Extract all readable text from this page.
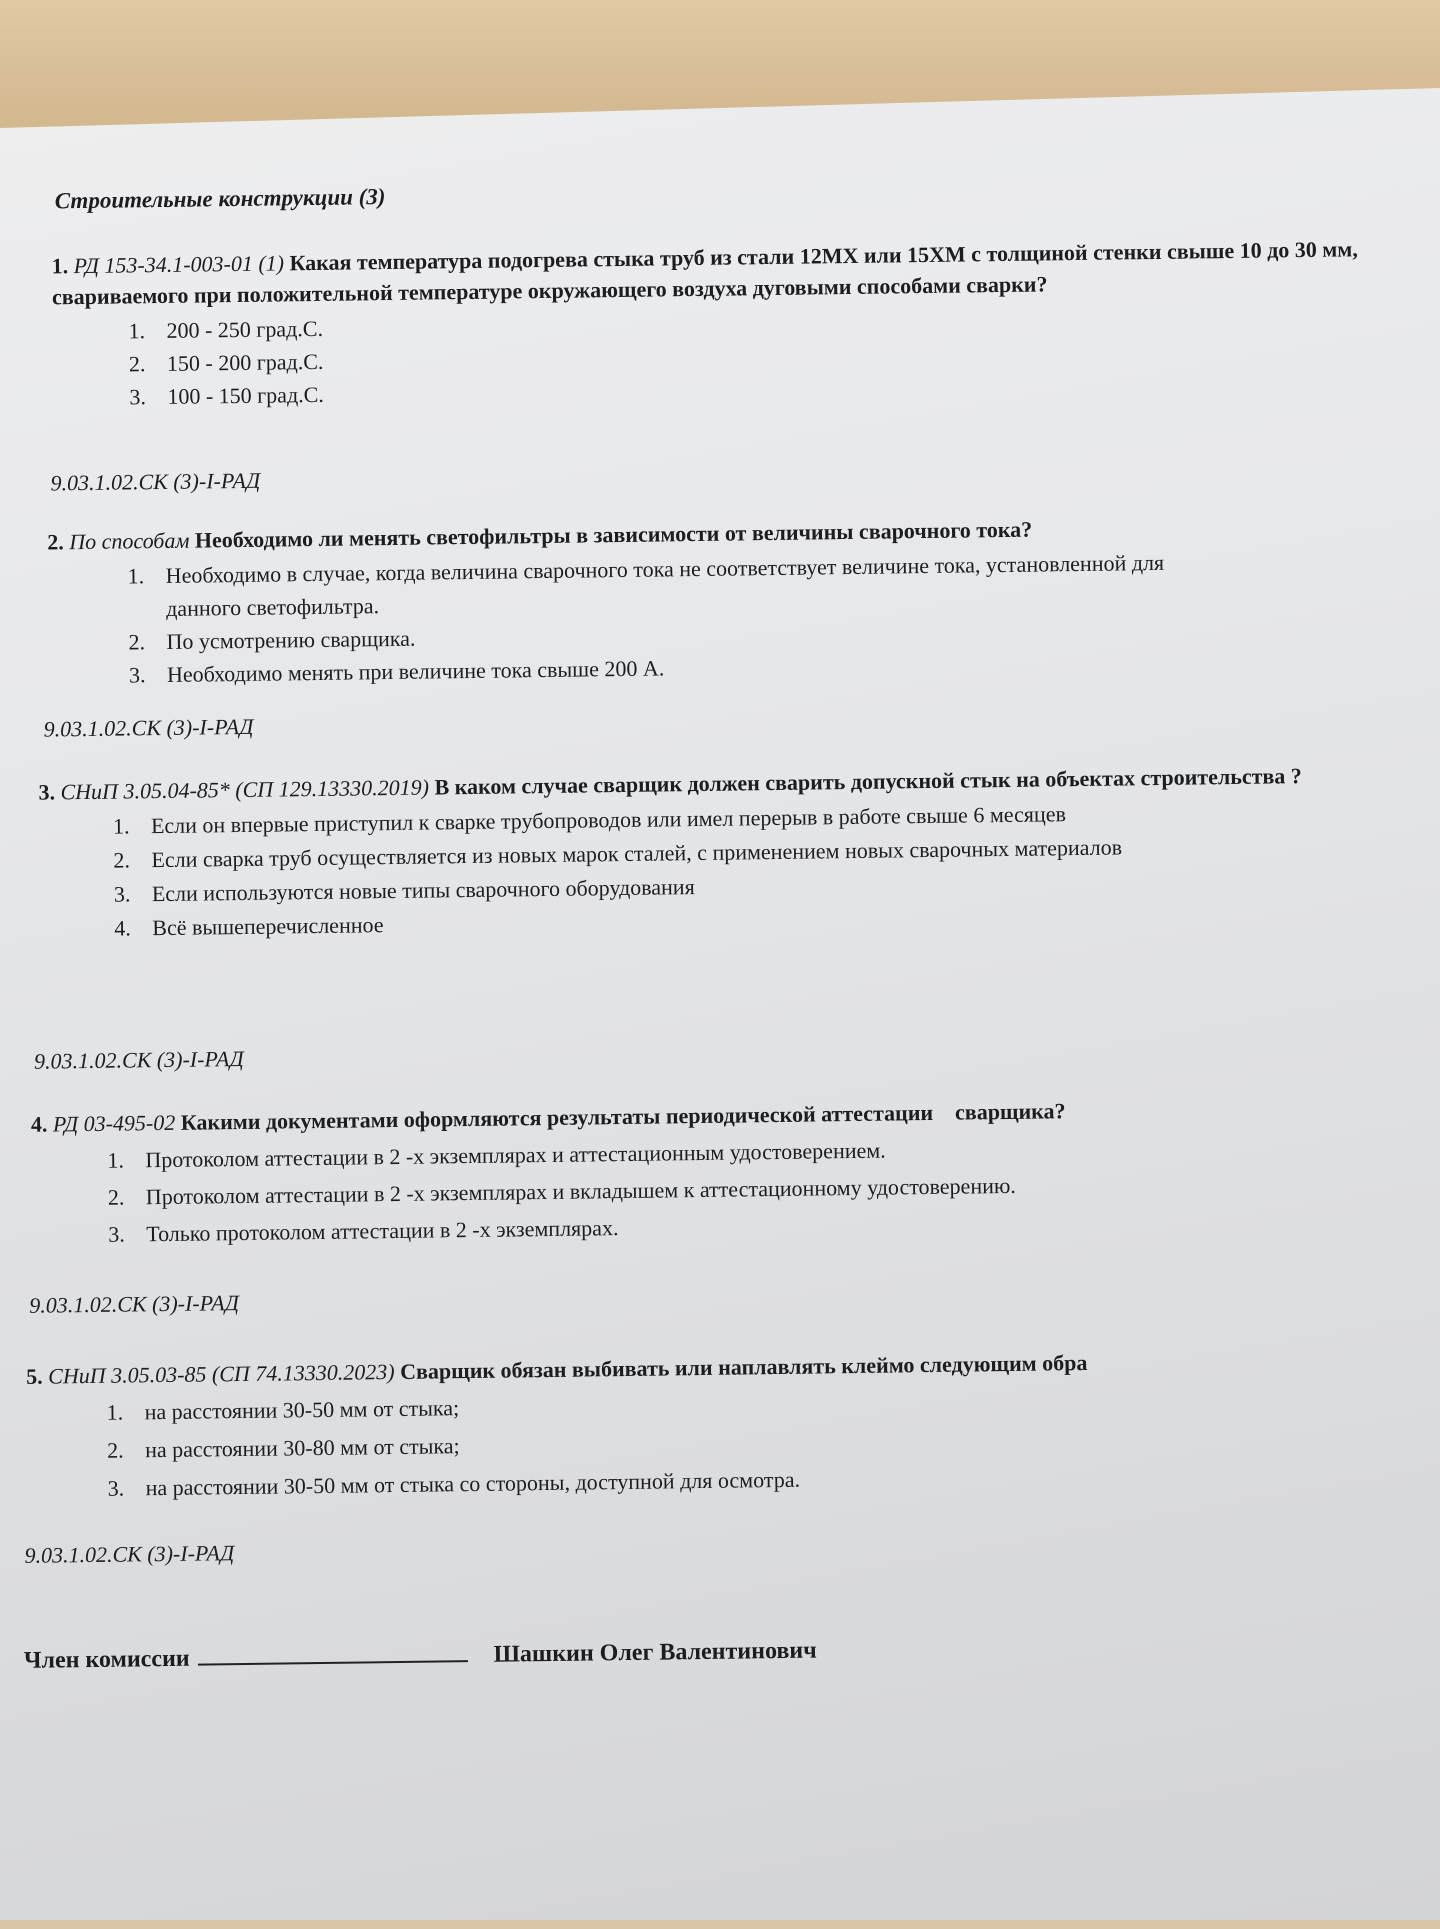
Строительные конструкции (3)
1. РД 153-34.1-003-01 (1) Какая температура подогрева стыка труб из стали 12МХ или 15ХМ с толщиной стенки свыше 10 до 30 мм, свариваемого при положительной температуре окружающего воздуха дуговыми способами сварки?
1. 200 - 250 град.С.
2. 150 - 200 град.С.
3. 100 - 150 град.С.
9.03.1.02.СК (3)-I-РАД
2. По способам Необходимо ли менять светофильтры в зависимости от величины сварочного тока?
1. Необходимо в случае, когда величина сварочного тока не соответствует величине тока, установленной для данного светофильтра.
2. По усмотрению сварщика.
3. Необходимо менять при величине тока свыше 200 А.
9.03.1.02.СК (3)-I-РАД
3. СНиП 3.05.04-85* (СП 129.13330.2019) В каком случае сварщик должен сварить допускной стык на объектах строительства ?
1. Если он впервые приступил к сварке трубопроводов или имел перерыв в работе свыше 6 месяцев
2. Если сварка труб осуществляется из новых марок сталей, с применением новых сварочных материалов
3. Если используются новые типы сварочного оборудования
4. Всё вышеперечисленное
9.03.1.02.СК (3)-I-РАД
4. РД 03-495-02 Какими документами оформляются результаты периодической аттестации    сварщика?
1. Протоколом аттестации в 2 -х экземплярах и аттестационным удостоверением.
2. Протоколом аттестации в 2 -х экземплярах и вкладышем к аттестационному удостоверению.
3. Только протоколом аттестации в 2 -х экземплярах.
9.03.1.02.СК (3)-I-РАД
5. СНиП 3.05.03-85 (СП 74.13330.2023) Сварщик обязан выбивать или наплавлять клеймо следующим обра
1. на расстоянии 30-50 мм от стыка;
2. на расстоянии 30-80 мм от стыка;
3. на расстоянии 30-50 мм от стыка со стороны, доступной для осмотра.
9.03.1.02.СК (3)-I-РАД
Член комиссии	Шашкин Олег Валентинович
